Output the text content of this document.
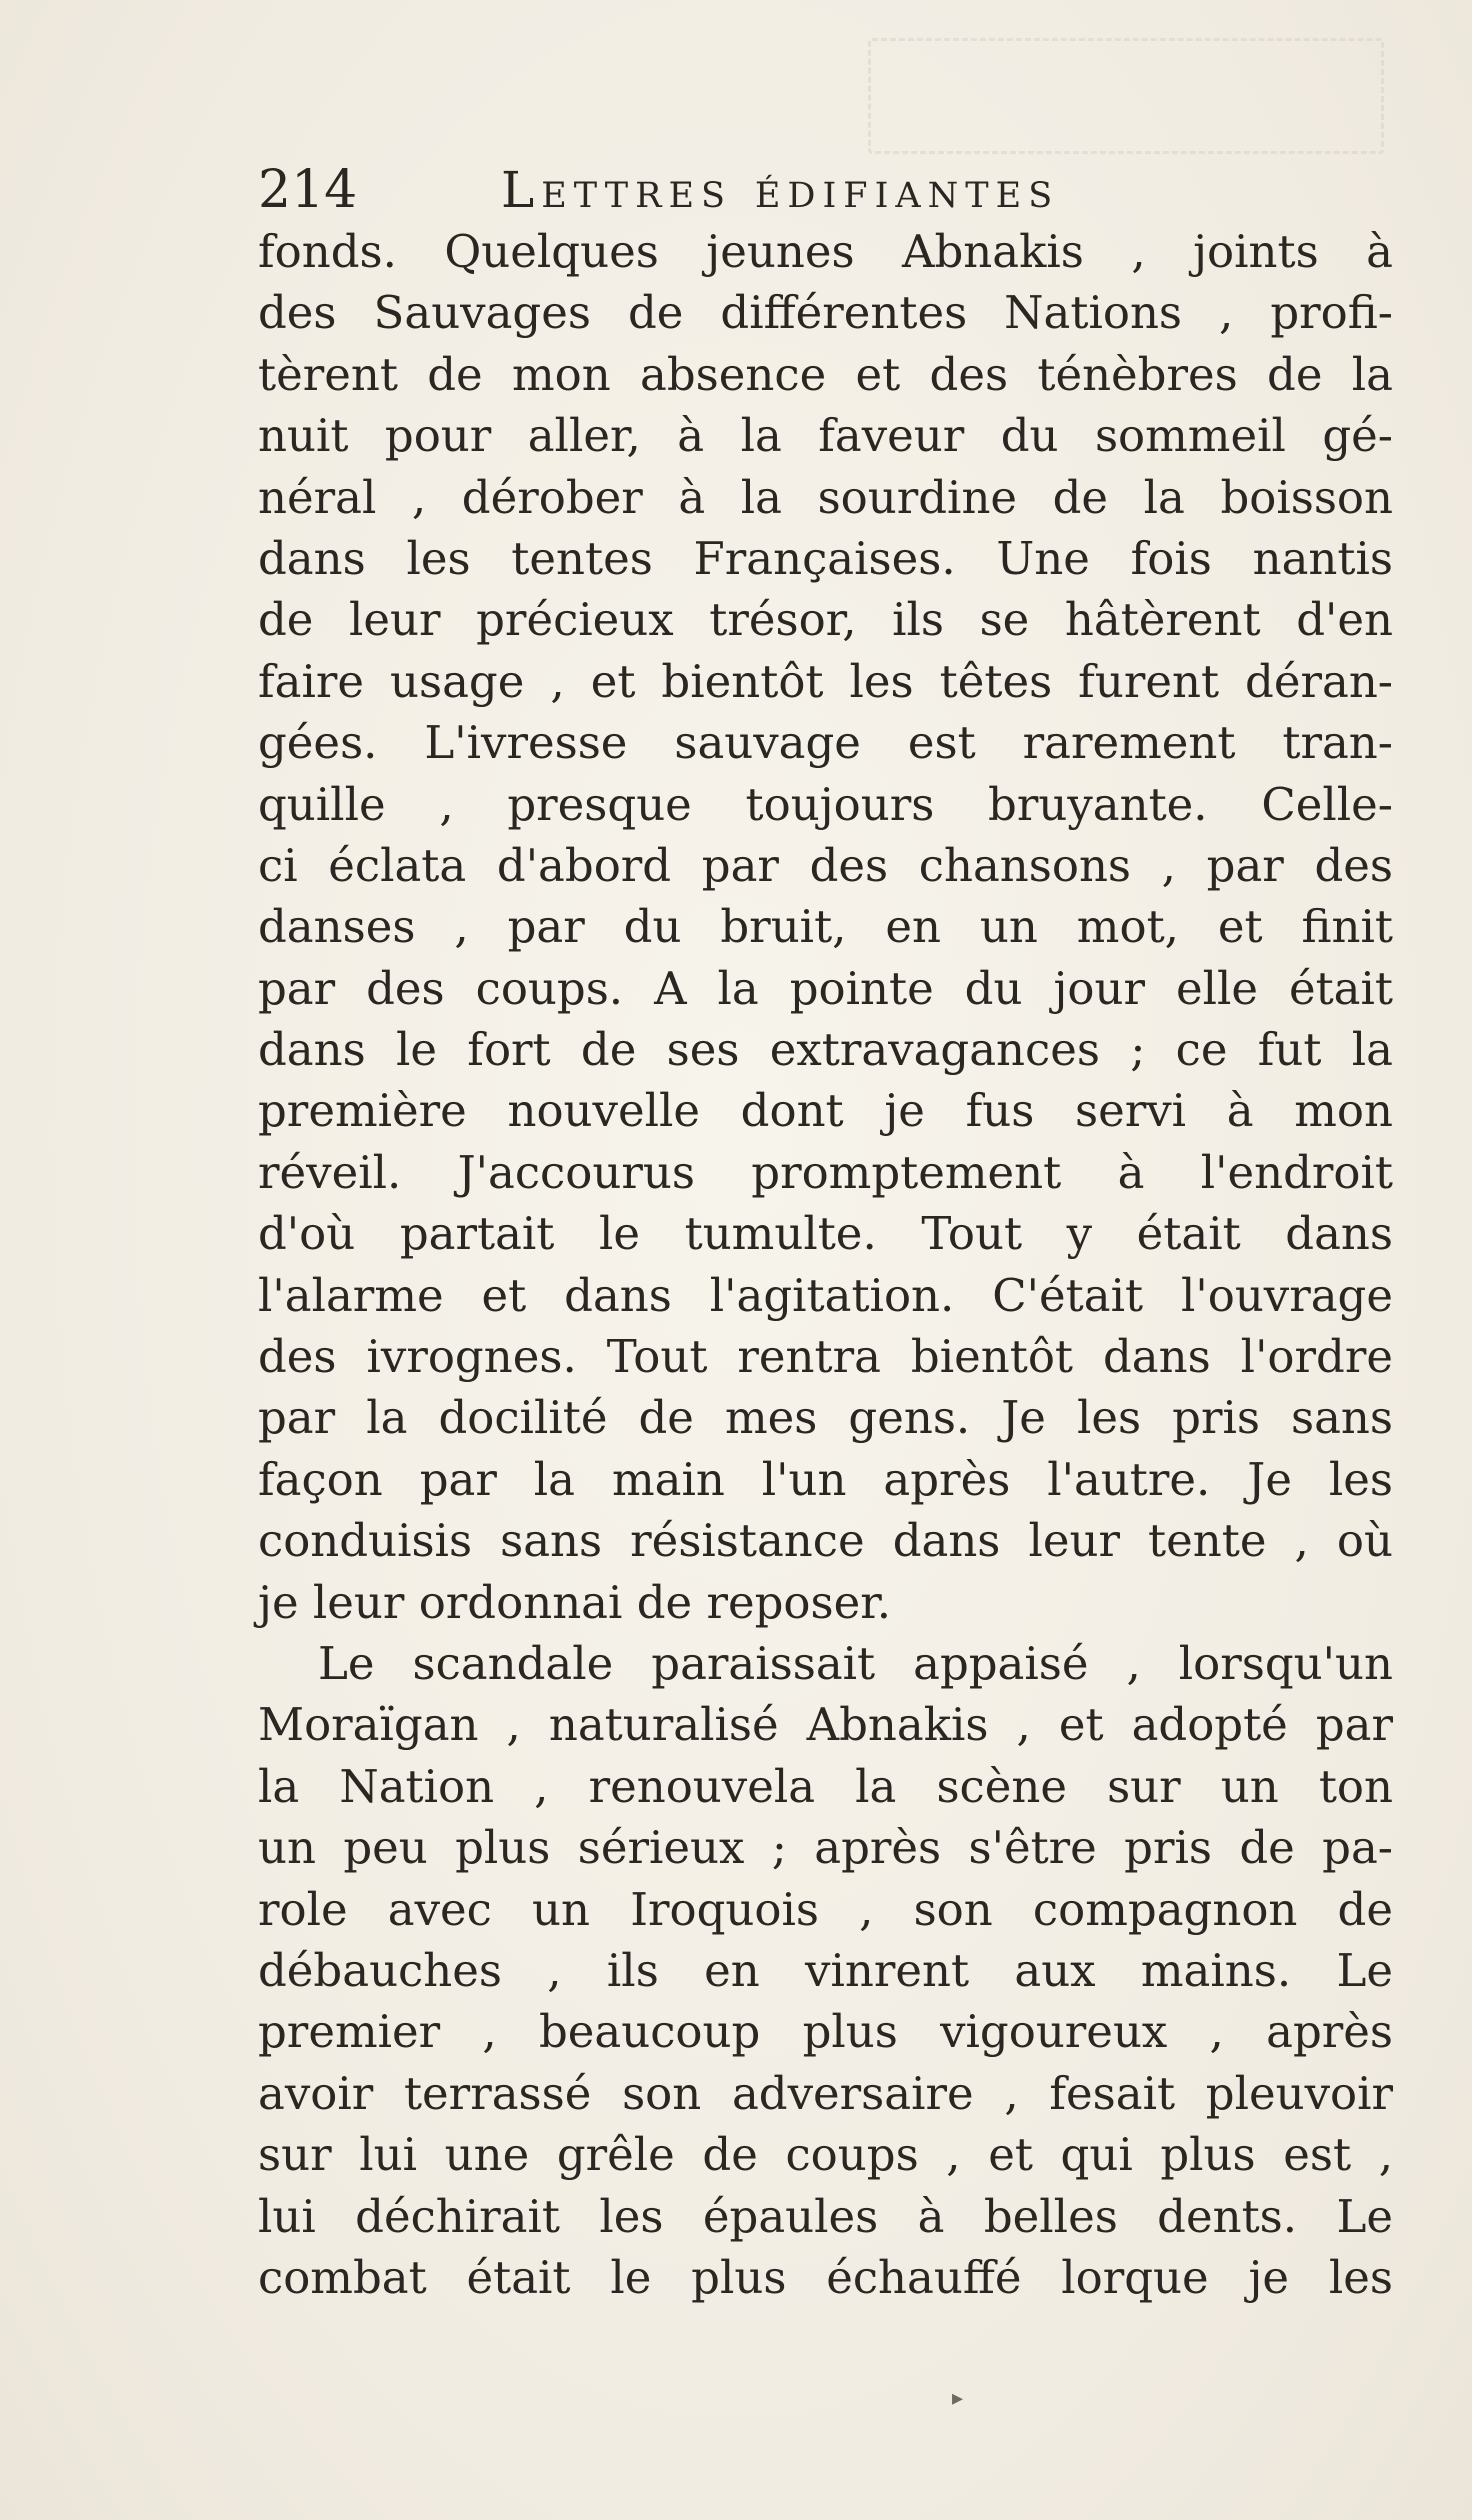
214	Lettres édifiantes
fonds. Quelques jeunes Abnakis , joints à
des Sauvages de différentes Nations , profi-
tèrent de mon absence et des ténèbres de la
nuit pour aller, à la faveur du sommeil gé-
néral , dérober à la sourdine de la boisson
dans les tentes Françaises. Une fois nantis
de leur précieux trésor, ils se hâtèrent d'en
faire usage , et bientôt les têtes furent déran-
gées. L'ivresse sauvage est rarement tran-
quille , presque toujours bruyante. Celle-
ci éclata d'abord par des chansons , par des
danses , par du bruit, en un mot, et finit
par des coups. A la pointe du jour elle était
dans le fort de ses extravagances ; ce fut la
première nouvelle dont je fus servi à mon
réveil. J'accourus promptement à l'endroit
d'où partait le tumulte. Tout y était dans
l'alarme et dans l'agitation. C'était l'ouvrage
des ivrognes. Tout rentra bientôt dans l'ordre
par la docilité de mes gens. Je les pris sans
façon par la main l'un après l'autre. Je les
conduisis sans résistance dans leur tente , où
je leur ordonnai de reposer.
Le scandale paraissait appaisé , lorsqu'un
Moraïgan , naturalisé Abnakis , et adopté par
la Nation , renouvela la scène sur un ton
un peu plus sérieux ; après s'être pris de pa-
role avec un Iroquois , son compagnon de
débauches , ils en vinrent aux mains. Le
premier , beaucoup plus vigoureux , après
avoir terrassé son adversaire , fesait pleuvoir
sur lui une grêle de coups , et qui plus est ,
lui déchirait les épaules à belles dents. Le
combat était le plus échauffé lorque je les
▸
